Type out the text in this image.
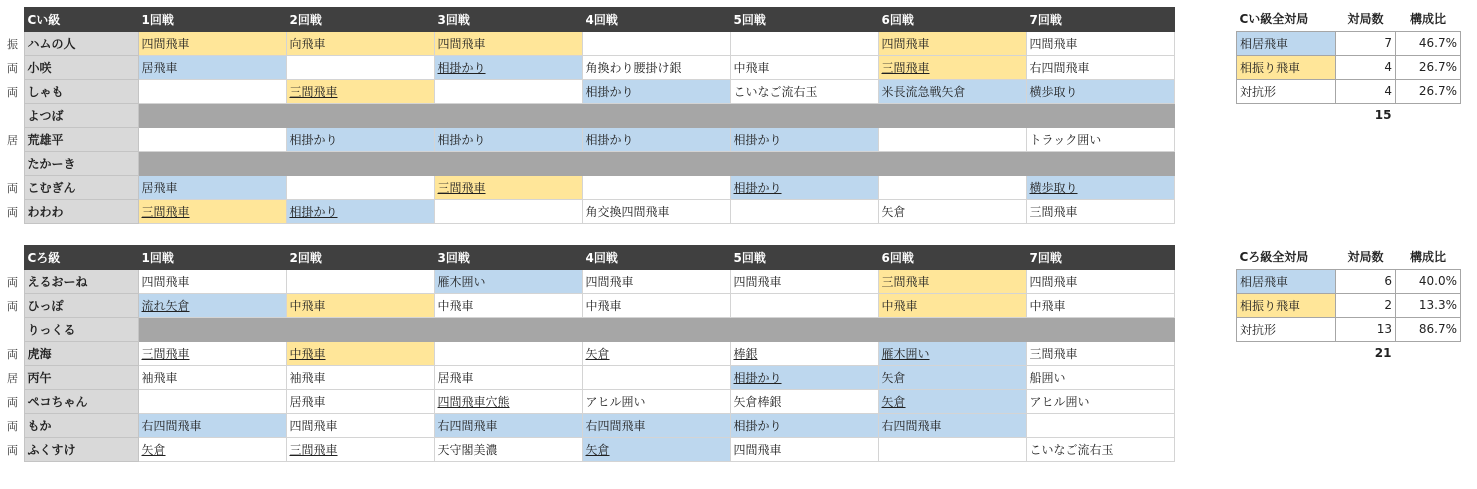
	Cい級	1回戦	2回戦	3回戦	4回戦	5回戦	6回戦	7回戦
振	ハムの人	四間飛車	向飛車	四間飛車			四間飛車	四間飛車
両	小咲	居飛車		相掛かり	角換わり腰掛け銀	中飛車	三間飛車	右四間飛車
両	しゃも		三間飛車		相掛かり	こいなご流右玉	米長流急戦矢倉	横歩取り
	よつば							
居	荒雄平		相掛かり	相掛かり	相掛かり	相掛かり		トラック囲い
	たかーき							
両	こむぎん	居飛車		三間飛車		相掛かり		横歩取り
両	わわわ	三間飛車	相掛かり		角交換四間飛車		矢倉	三間飛車
	Cろ級	1回戦	2回戦	3回戦	4回戦	5回戦	6回戦	7回戦
両	えるおーね	四間飛車		雁木囲い	四間飛車	四間飛車	三間飛車	四間飛車
両	ひっぽ	流れ矢倉	中飛車	中飛車	中飛車		中飛車	中飛車
	りっくる							
両	虎海	三間飛車	中飛車		矢倉	棒銀	雁木囲い	三間飛車
居	丙午	袖飛車	袖飛車	居飛車		相掛かり	矢倉	船囲い
両	ペコちゃん		居飛車	四間飛車穴熊	アヒル囲い	矢倉棒銀	矢倉	アヒル囲い
両	もか	右四間飛車	四間飛車	右四間飛車	右四間飛車	相掛かり	右四間飛車	
両	ふくすけ	矢倉	三間飛車	天守閣美濃	矢倉	四間飛車		こいなご流右玉
Cい級全対局	対局数	構成比
相居飛車	7	46.7%
相振り飛車	4	26.7%
対抗形	4	26.7%
	15	
Cろ級全対局	対局数	構成比
相居飛車	6	40.0%
相振り飛車	2	13.3%
対抗形	13	86.7%
	21	
